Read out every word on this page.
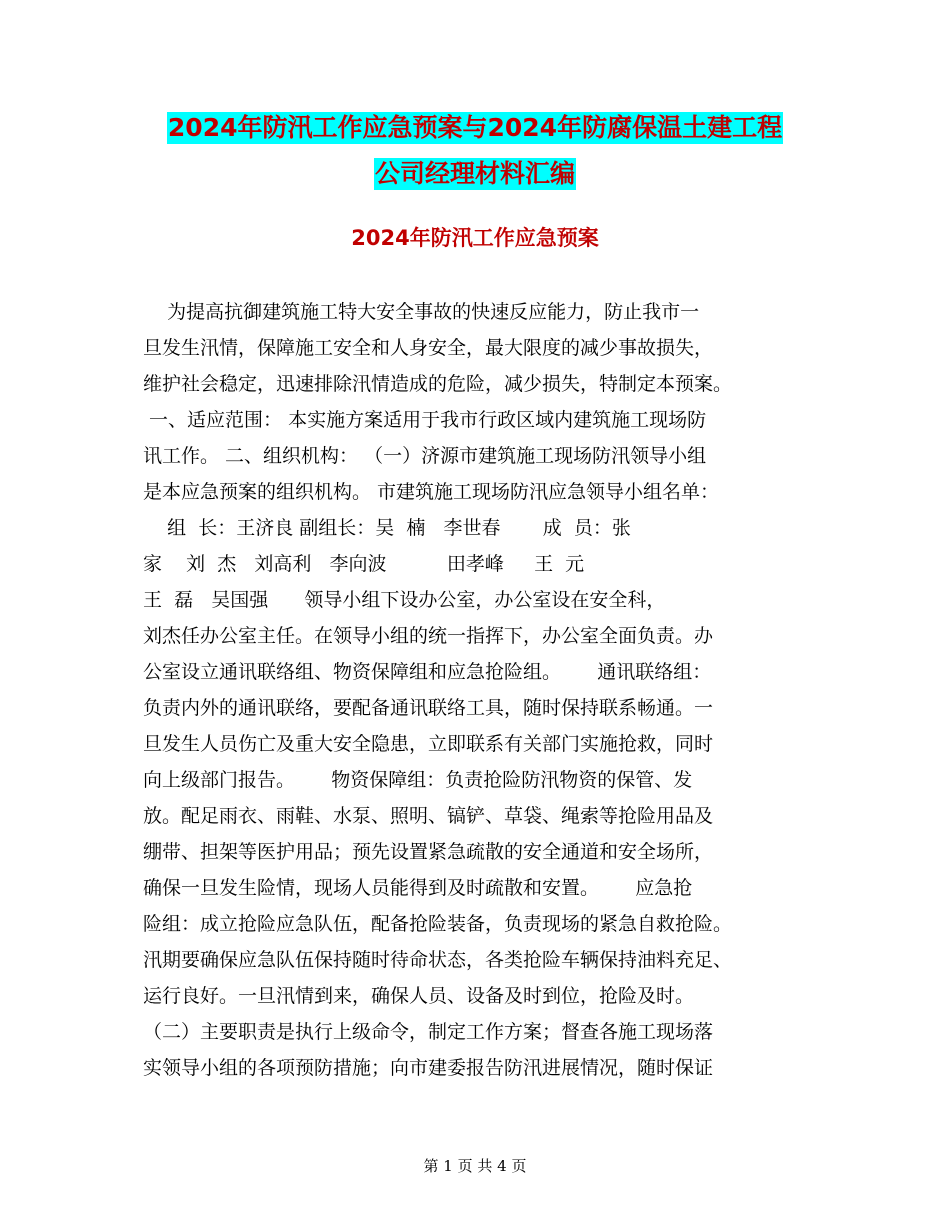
2024年防汛工作应急预案与2024年防腐保温土建工程
公司经理材料汇编
2024年防汛工作应急预案
为提高抗御建筑施工特大安全事故的快速反应能力，防止我市一
旦发生汛情，保障施工安全和人身安全，最大限度的减少事故损失，
维护社会稳定，迅速排除汛情造成的危险，减少损失，特制定本预案。
一、适应范围： 本实施方案适用于我市行政区域内建筑施工现场防
讯工作。 二、组织机构： （一）济源市建筑施工现场防汛领导小组
是本应急预案的组织机构。 市建筑施工现场防汛应急领导小组名单：
组  长：王济良 副组长：吴  楠   李世春       成  员：张
家    刘  杰   刘高利   李向波          田孝峰     王  元
王  磊   吴国强      领导小组下设办公室，办公室设在安全科，
刘杰任办公室主任。在领导小组的统一指挥下，办公室全面负责。办
公室设立通讯联络组、物资保障组和应急抢险组。      通讯联络组：
负责内外的通讯联络，要配备通讯联络工具，随时保持联系畅通。一
旦发生人员伤亡及重大安全隐患，立即联系有关部门实施抢救，同时
向上级部门报告。      物资保障组：负责抢险防汛物资的保管、发
放。配足雨衣、雨鞋、水泵、照明、镐铲、草袋、绳索等抢险用品及
绷带、担架等医护用品；预先设置紧急疏散的安全通道和安全场所，
确保一旦发生险情，现场人员能得到及时疏散和安置。      应急抢
险组：成立抢险应急队伍，配备抢险装备，负责现场的紧急自救抢险。
汛期要确保应急队伍保持随时待命状态，各类抢险车辆保持油料充足、
运行良好。一旦汛情到来，确保人员、设备及时到位，抢险及时。
（二）主要职责是执行上级命令，制定工作方案；督查各施工现场落
实领导小组的各项预防措施；向市建委报告防汛进展情况，随时保证
第 1 页 共 4 页
